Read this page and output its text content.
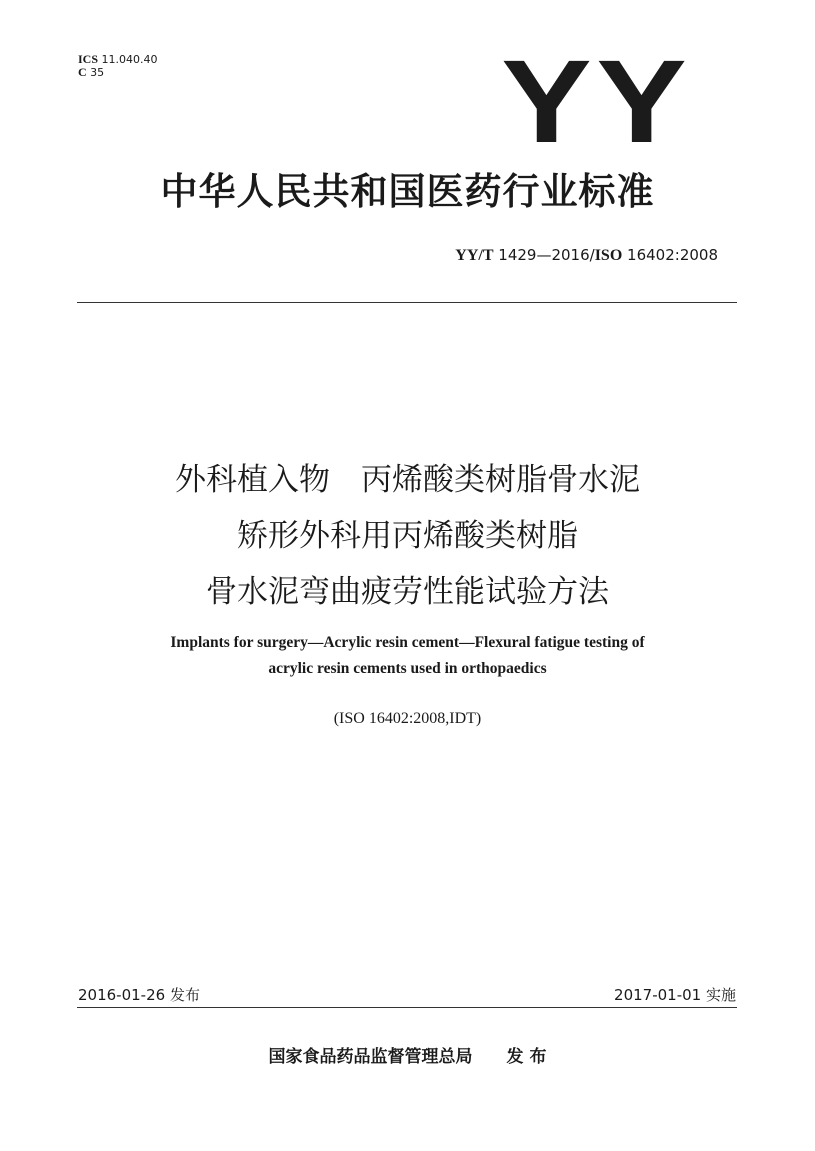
ICS 11.040.40
C 35	YY
中华人民共和国医药行业标准
YY/T 1429—2016/ISO 16402:2008
外科植入物　丙烯酸类树脂骨水泥
矫形外科用丙烯酸类树脂
骨水泥弯曲疲劳性能试验方法
Implants for surgery—Acrylic resin cement—Flexural fatigue testing of
acrylic resin cements used in orthopaedics
(ISO 16402:2008,IDT)
2016-01-26 发布	2017-01-01 实施
国家食品药品监督管理总局 发 布
